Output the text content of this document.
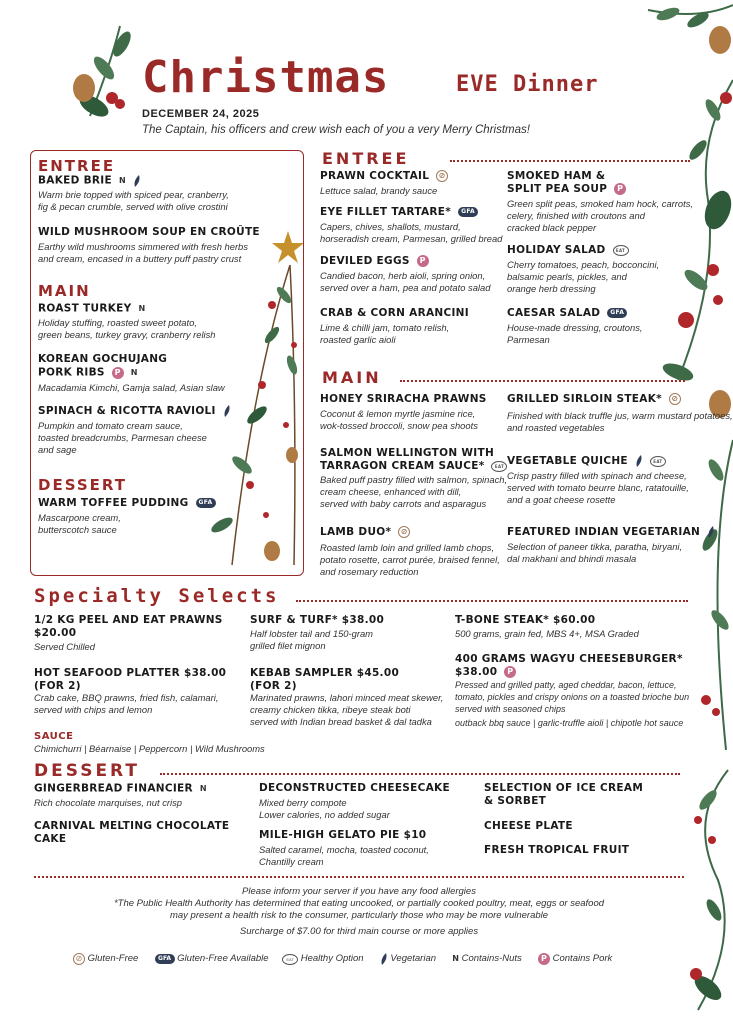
Christmas	EVE Dinner
DECEMBER 24, 2025
The Captain, his officers and crew wish each of you a very Merry Christmas!
ENTREE
BAKED BRIE N
Warm brie topped with spiced pear, cranberry,
fig & pecan crumble, served with olive crostini
WILD MUSHROOM SOUP EN CROÛTE
Earthy wild mushrooms simmered with fresh herbs
and cream, encased in a buttery puff pastry crust
MAIN
ROAST TURKEY N
Holiday stuffing, roasted sweet potato,
green beans, turkey gravy, cranberry relish
KOREAN GOCHUJANG
PORK RIBS P N
Macadamia Kimchi, Gamja salad, Asian slaw
SPINACH & RICOTTA RAVIOLI
Pumpkin and tomato cream sauce,
toasted breadcrumbs, Parmesan cheese
and sage
DESSERT
WARM TOFFEE PUDDING GFA
Mascarpone cream,
butterscotch sauce
ENTREE
PRAWN COCKTAIL ⊘
Lettuce salad, brandy sauce
EYE FILLET TARTARE* GFA
Capers, chives, shallots, mustard,
horseradish cream, Parmesan, grilled bread
DEVILED EGGS P
Candied bacon, herb aioli, spring onion,
served over a ham, pea and potato salad
CRAB & CORN ARANCINI
Lime & chilli jam, tomato relish,
roasted garlic aioli
SMOKED HAM &
SPLIT PEA SOUP P
Green split peas, smoked ham hock, carrots,
celery, finished with croutons and
cracked black pepper
HOLIDAY SALAD	EAT
Cherry tomatoes, peach, bocconcini,
balsamic pearls, pickles, and
orange herb dressing
CAESAR SALAD GFA
House-made dressing, croutons,
Parmesan
MAIN
HONEY SRIRACHA PRAWNS
Coconut & lemon myrtle jasmine rice,
wok-tossed broccoli, snow pea shoots
SALMON WELLINGTON WITH
TARRAGON CREAM SAUCE*	EAT
Baked puff pastry filled with salmon, spinach,
cream cheese, enhanced with dill,
served with baby carrots and asparagus
LAMB DUO* ⊘
Roasted lamb loin and grilled lamb chops,
potato rosette, carrot purée, braised fennel,
and rosemary reduction
GRILLED SIRLOIN STEAK* ⊘
Finished with black truffle jus, warm mustard potatoes,
and roasted vegetables
VEGETABLE QUICHE	EAT
Crisp pastry filled with spinach and cheese,
served with tomato beurre blanc, ratatouille,
and a goat cheese rosette
FEATURED INDIAN VEGETARIAN
Selection of paneer tikka, paratha, biryani,
dal makhani and bhindi masala
Specialty Selects
1/2 KG PEEL AND EAT PRAWNS
$20.00
Served Chilled
HOT SEAFOOD PLATTER $38.00
(FOR 2)
Crab cake, BBQ prawns, fried fish, calamari,
served with chips and lemon
SURF & TURF* $38.00
Half lobster tail and 150-gram
grilled filet mignon
KEBAB SAMPLER $45.00
(FOR 2)
Marinated prawns, lahori minced meat skewer,
creamy chicken tikka, ribeye steak boti
served with Indian bread basket & dal tadka
T-BONE STEAK* $60.00
500 grams, grain fed, MBS 4+, MSA Graded
400 GRAMS WAGYU CHEESEBURGER*
$38.00 P
Pressed and grilled patty, aged cheddar, bacon, lettuce,
tomato, pickles and crispy onions on a toasted brioche bun
served with seasoned chips
outback bbq sauce | garlic-truffle aioli | chipotle hot sauce
SAUCE
Chimichurri | Béarnaise | Peppercorn | Wild Mushrooms
DESSERT
GINGERBREAD FINANCIER N
Rich chocolate marquises, nut crisp
CARNIVAL MELTING CHOCOLATE
CAKE
DECONSTRUCTED CHEESECAKE
Mixed berry compote
Lower calories, no added sugar
MILE-HIGH GELATO PIE $10
Salted caramel, mocha, toasted coconut,
Chantilly cream
SELECTION OF ICE CREAM
& SORBET
CHEESE PLATE
FRESH TROPICAL FRUIT
Please inform your server if you have any food allergies
*The Public Health Authority has determined that eating uncooked, or partially cooked poultry, meat, eggs or seafood
may present a health risk to the consumer, particularly those who may be more vulnerable
Surcharge of $7.00 for third main course or more applies
⊘ Gluten-Free	GFA Gluten-Free Available	EAT Healthy Option	Vegetarian N Contains-Nuts P Contains Pork
